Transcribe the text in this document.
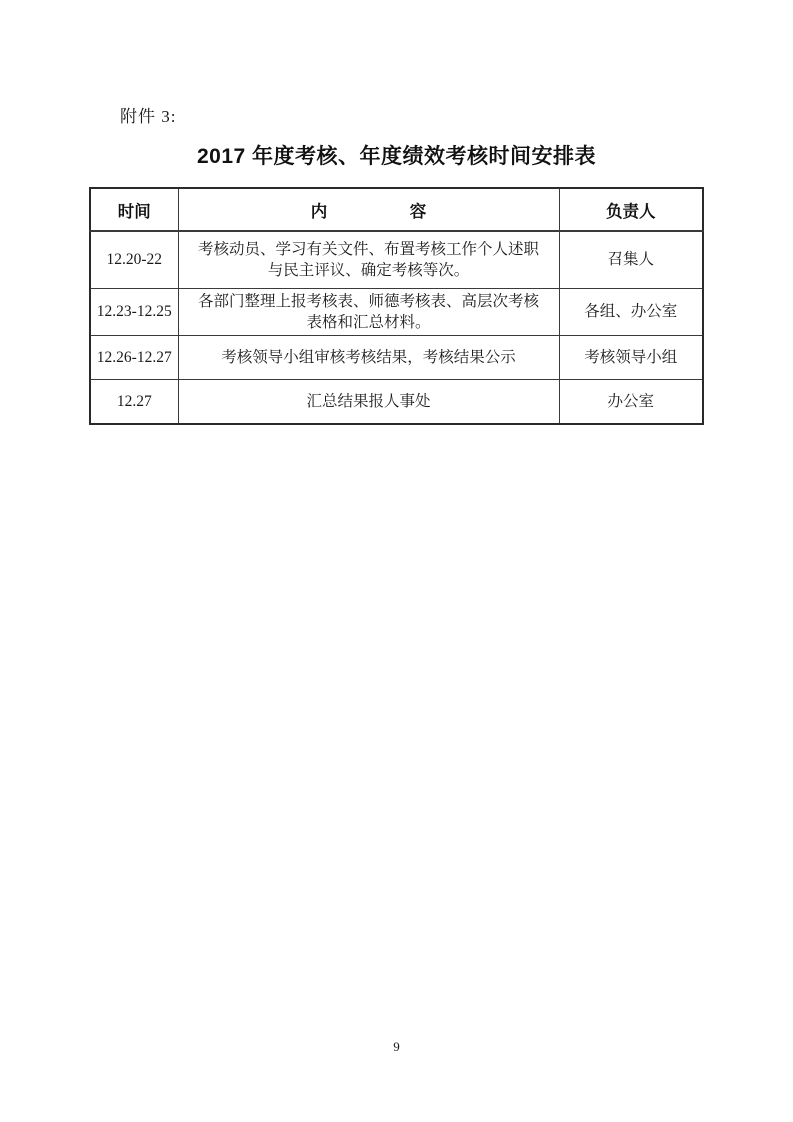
附件 3:
2017 年度考核、年度绩效考核时间安排表
时间	内　　　　　容	负责人
12.20-22	考核动员、学习有关文件、布置考核工作个人述职与民主评议、确定考核等次。	召集人
12.23-12.25	各部门整理上报考核表、师德考核表、高层次考核表格和汇总材料。	各组、办公室
12.26-12.27	考核领导小组审核考核结果，考核结果公示	考核领导小组
12.27	汇总结果报人事处	办公室
9
